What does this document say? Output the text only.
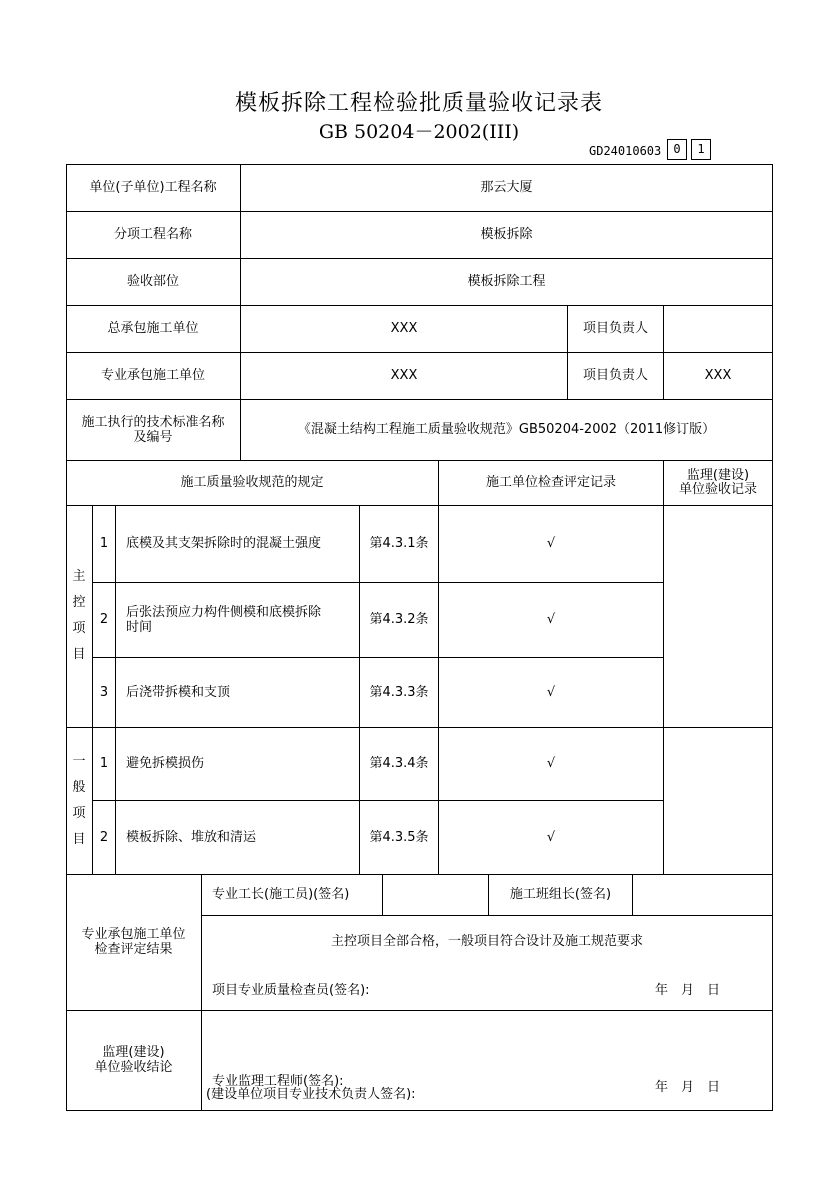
模板拆除工程检验批质量验收记录表
GB 50204－2002(III)
GD24010603	0	1
单位(子单位)工程名称	那云大厦
分项工程名称	模板拆除
验收部位	模板拆除工程
总承包施工单位	XXX	项目负责人
专业承包施工单位	XXX	项目负责人	XXX
施工执行的技术标准名称
及编号	《混凝土结构工程施工质量验收规范》GB50204-2002（2011修订版）
施工质量验收规范的规定	施工单位检查评定记录	监理(建设)
单位验收记录
主
控
项
目
1	底模及其支架拆除时的混凝土强度	第4.3.1条	√
2	后张法预应力构件侧模和底模拆除
时间	第4.3.2条	√
3	后浇带拆模和支顶	第4.3.3条	√
一
般
项
目
1	避免拆模损伤	第4.3.4条	√
2	模板拆除、堆放和清运	第4.3.5条	√
专业承包施工单位
检查评定结果
专业工长(施工员)(签名)	施工班组长(签名)
主控项目全部合格，一般项目符合设计及施工规范要求
项目专业质量检查员(签名):	年　月　日
监理(建设)
单位验收结论
专业监理工程师(签名):
(建设单位项目专业技术负责人签名):	年　月　日
